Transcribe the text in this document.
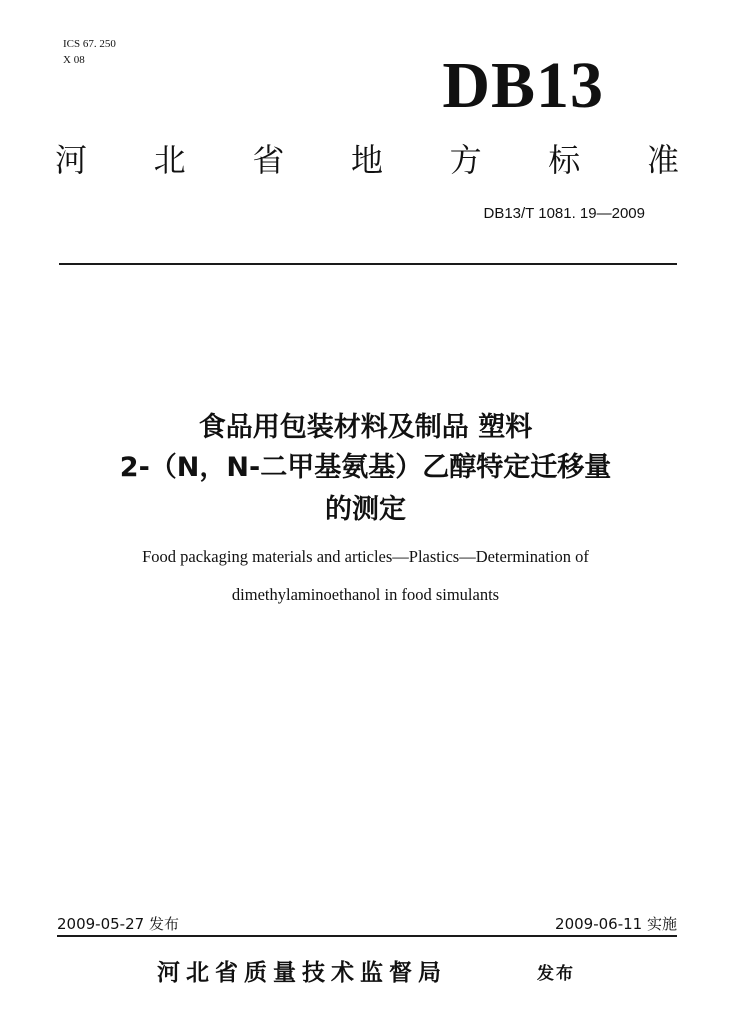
ICS 67. 250
X 08	DB13
河 北 省 地 方 标 准
DB13/T 1081. 19—2009
食品用包装材料及制品 塑料
2-（N，N-二甲基氨基）乙醇特定迁移量
的测定
Food packaging materials and articles—Plastics—Determination of
dimethylaminoethanol in food simulants
2009-05-27 发布	2009-06-11 实施
河北省质量技术监督局	发布
